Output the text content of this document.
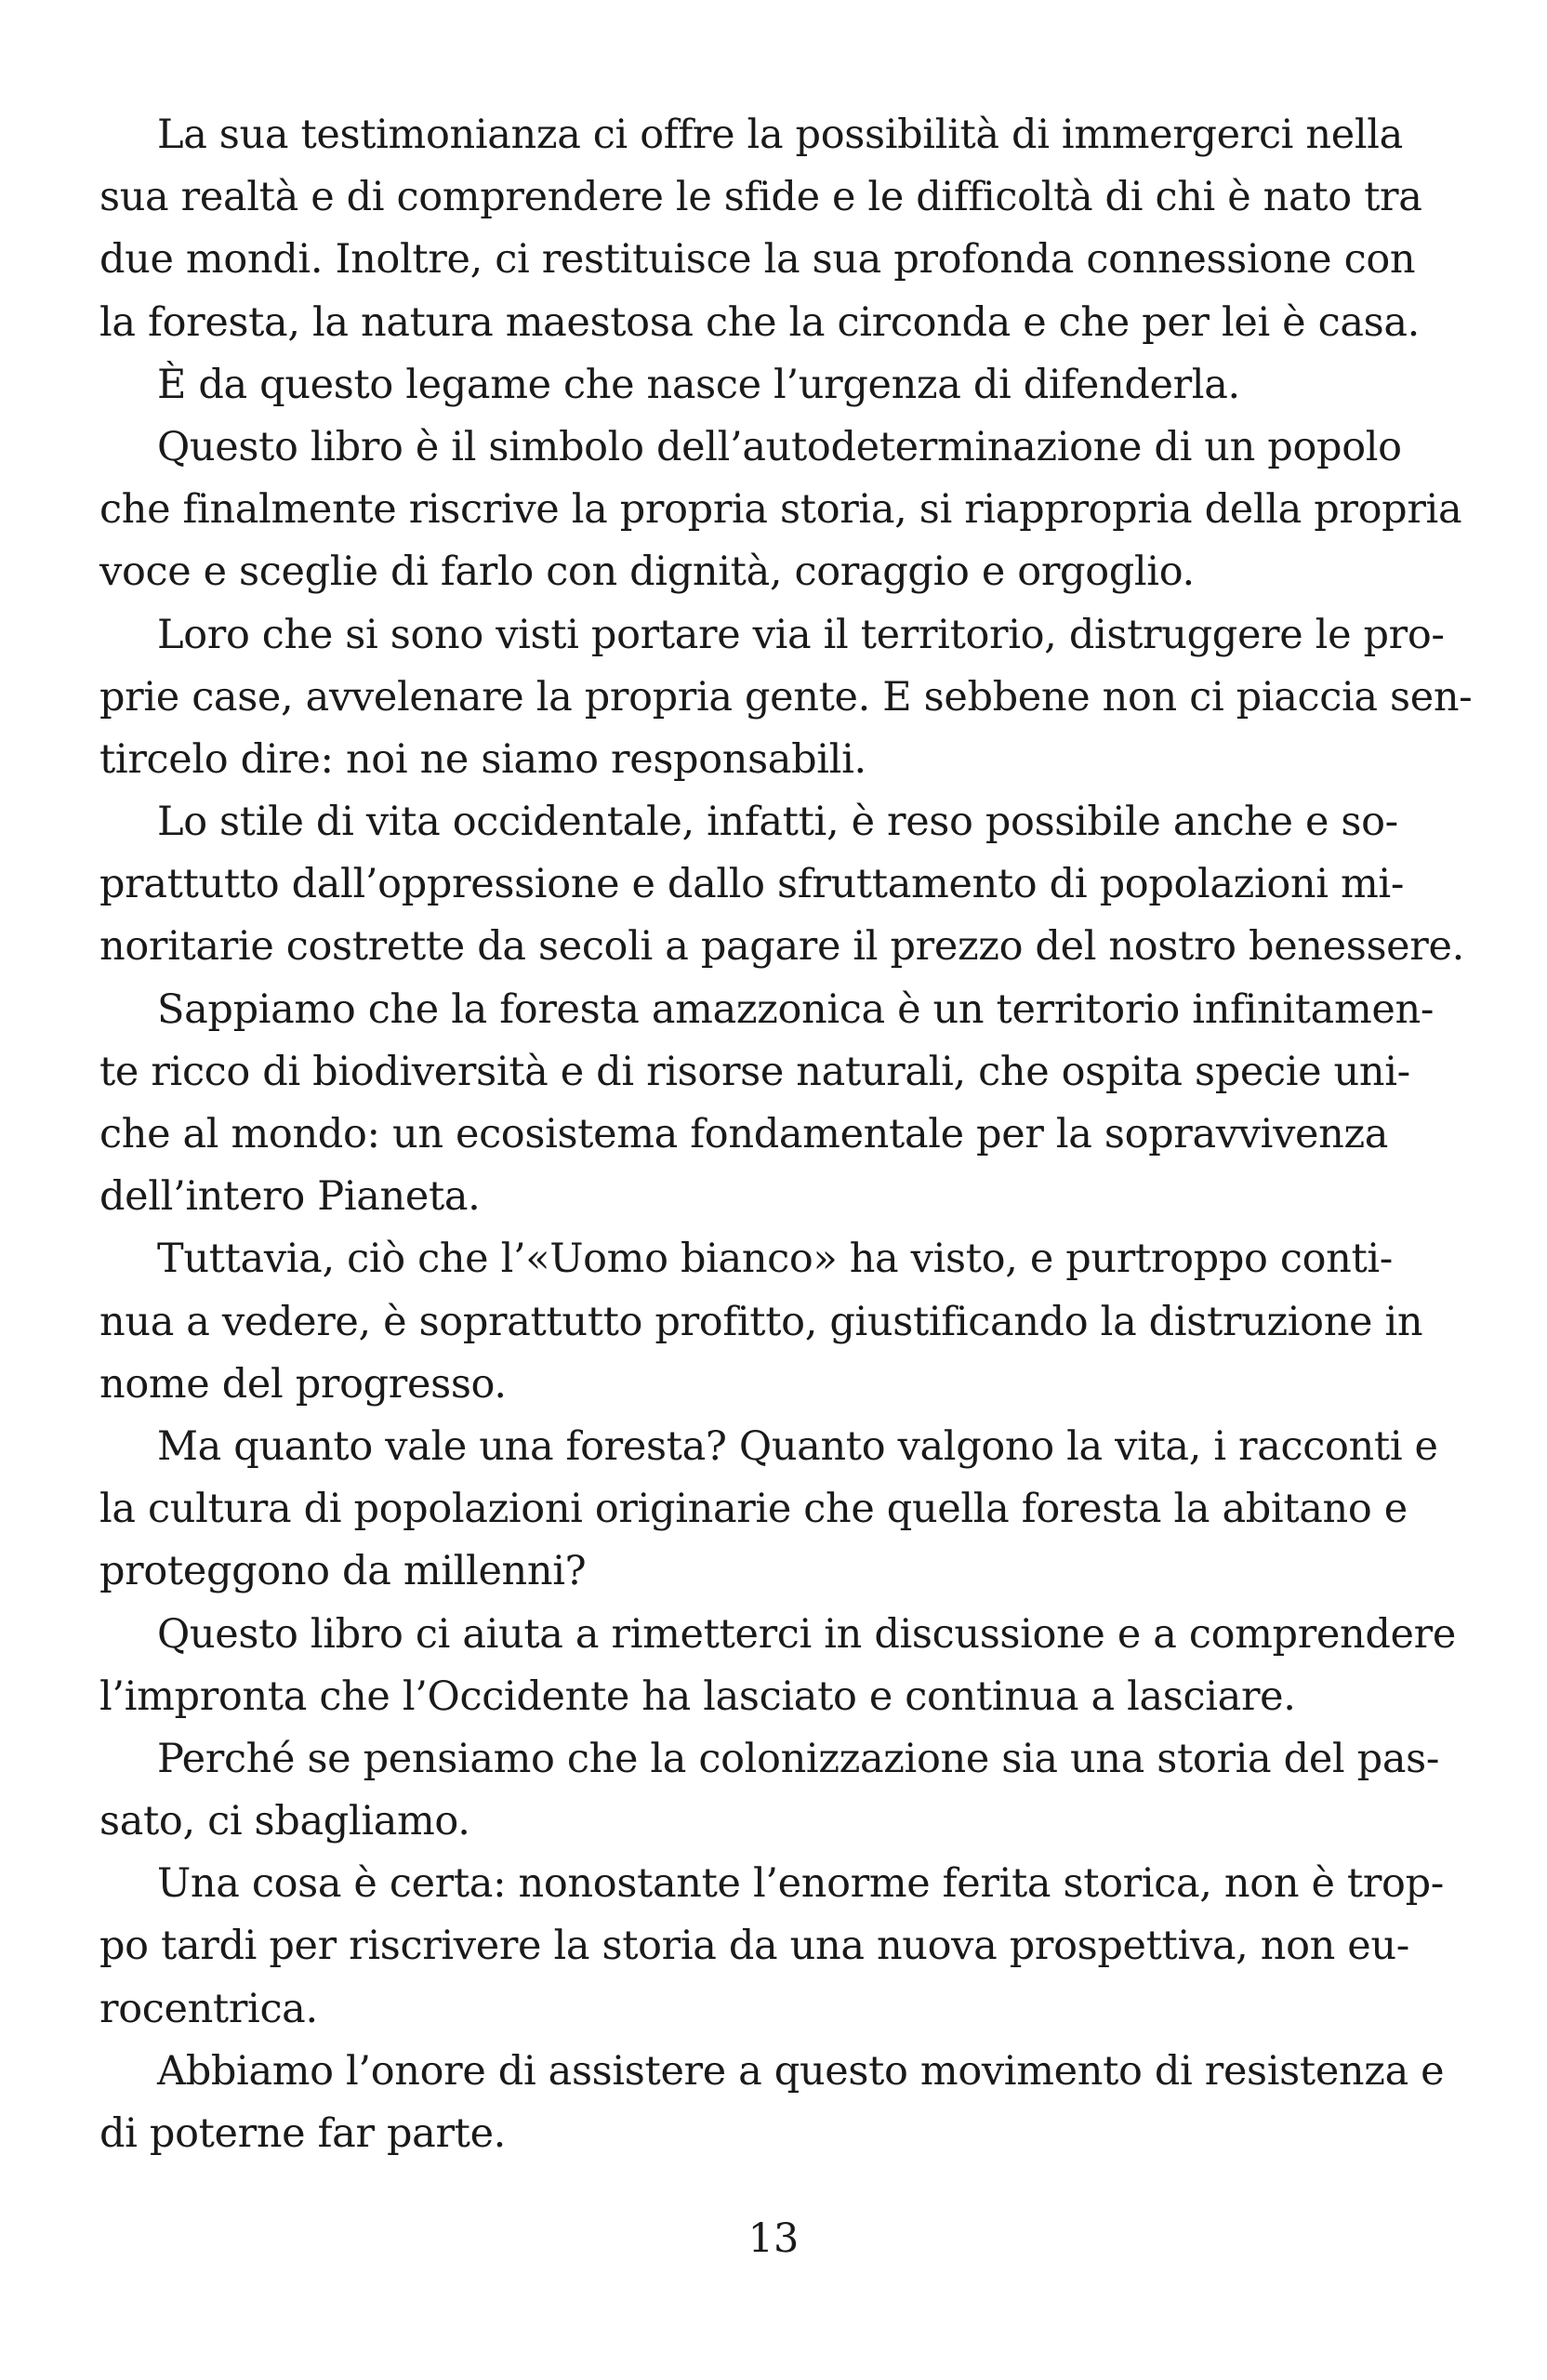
La sua testimonianza ci offre la possibilità di immergerci nella
sua realtà e di comprendere le sfide e le difficoltà di chi è nato tra
due mondi. Inoltre, ci restituisce la sua profonda connessione con
la foresta, la natura maestosa che la circonda e che per lei è casa.
È da questo legame che nasce l’urgenza di difenderla.
Questo libro è il simbolo dell’autodeterminazione di un popolo
che finalmente riscrive la propria storia, si riappropria della propria
voce e sceglie di farlo con dignità, coraggio e orgoglio.
Loro che si sono visti portare via il territorio, distruggere le pro-
prie case, avvelenare la propria gente. E sebbene non ci piaccia sen-
tircelo dire: noi ne siamo responsabili.
Lo stile di vita occidentale, infatti, è reso possibile anche e so-
prattutto dall’oppressione e dallo sfruttamento di popolazioni mi-
noritarie costrette da secoli a pagare il prezzo del nostro benessere.
Sappiamo che la foresta amazzonica è un territorio infinitamen-
te ricco di biodiversità e di risorse naturali, che ospita specie uni-
che al mondo: un ecosistema fondamentale per la sopravvivenza
dell’intero Pianeta.
Tuttavia, ciò che l’«Uomo bianco» ha visto, e purtroppo conti-
nua a vedere, è soprattutto profitto, giustificando la distruzione in
nome del progresso.
Ma quanto vale una foresta? Quanto valgono la vita, i racconti e
la cultura di popolazioni originarie che quella foresta la abitano e
proteggono da millenni?
Questo libro ci aiuta a rimetterci in discussione e a comprendere
l’impronta che l’Occidente ha lasciato e continua a lasciare.
Perché se pensiamo che la colonizzazione sia una storia del pas-
sato, ci sbagliamo.
Una cosa è certa: nonostante l’enorme ferita storica, non è trop-
po tardi per riscrivere la storia da una nuova prospettiva, non eu-
rocentrica.
Abbiamo l’onore di assistere a questo movimento di resistenza e
di poterne far parte.
13
